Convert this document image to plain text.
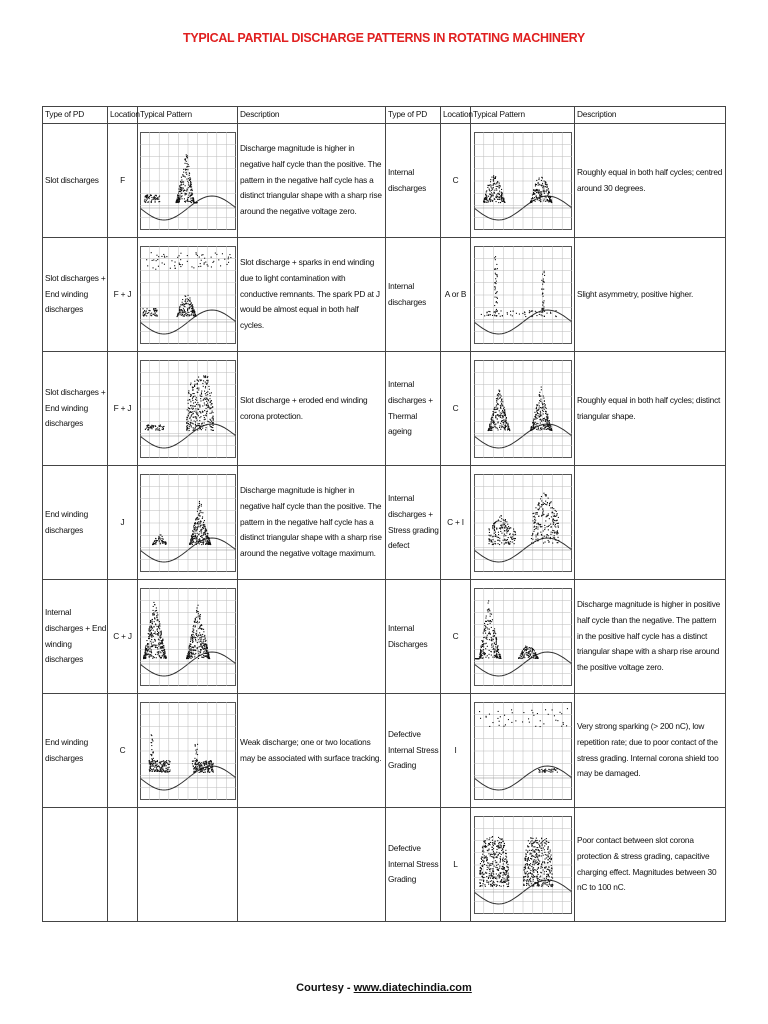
TYPICAL PARTIAL DISCHARGE PATTERNS IN ROTATING MACHINERY
Type of PD	Location	Typical Pattern	Description	Type of PD	Location	Typical Pattern	Description
Slot discharges	F		Discharge magnitude is higher in negative half cycle than the positive. The pattern in the negative half cycle has a distinct triangular shape with a sharp rise around the negative voltage zero.	Internal discharges	C		Roughly equal in both half cycles; centred around 30 degrees.
Slot discharges + End winding discharges	F + J		Slot discharge + sparks in end winding due to light contamination with conductive remnants. The spark PD at J would be almost equal in both half cycles.	Internal discharges	A or B		Slight asymmetry, positive higher.
Slot discharges + End winding discharges	F + J		Slot discharge + eroded end winding corona protection.	Internal discharges + Thermal ageing	C		Roughly equal in both half cycles; distinct triangular shape.
End winding discharges	J		Discharge magnitude is higher in negative half cycle than the positive. The pattern in the negative half cycle has a distinct triangular shape with a sharp rise around the negative voltage maximum.	Internal discharges + Stress grading defect	C + I	

Internal discharges + End winding discharges	C + J			Internal Discharges	C		Discharge magnitude is higher in positive half cycle than the negative. The pattern in the positive half cycle has a distinct triangular shape with a sharp rise around the positive voltage zero.
End winding discharges	C		Weak discharge; one or two locations may be associated with surface tracking.	Defective Internal Stress Grading	I		Very strong sparking (> 200 nC), low repetition rate; due to poor contact of the stress grading. Internal corona shield too may be damaged.
				Defective Internal Stress Grading	L		Poor contact between slot corona protection & stress grading, capacitive charging effect. Magnitudes between 30 nC to 100 nC.
Courtesy - www.diatechindia.com
